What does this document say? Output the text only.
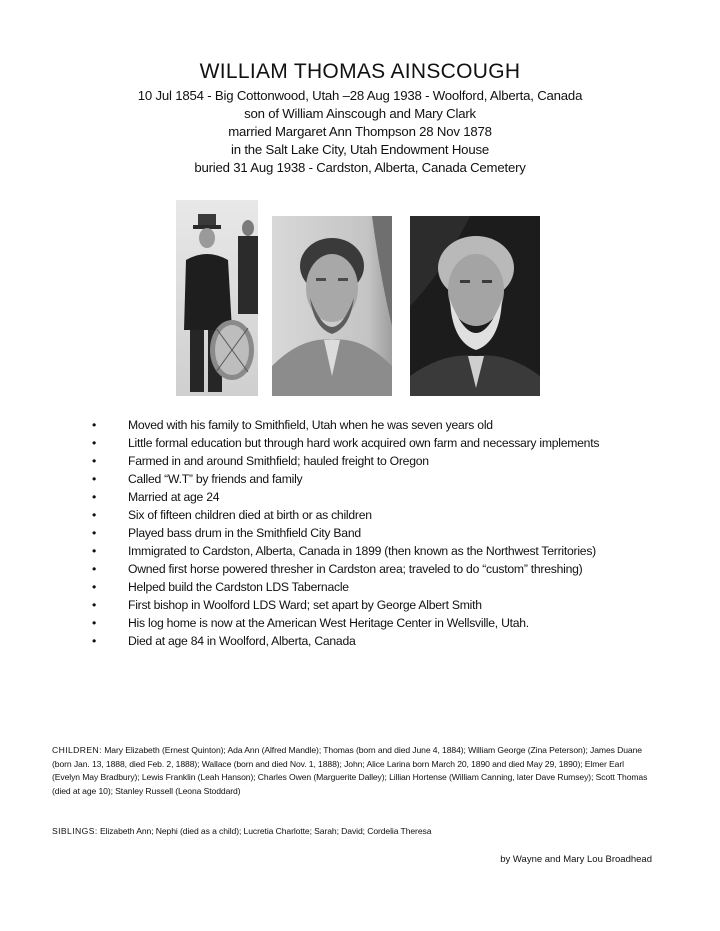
WILLIAM THOMAS AINSCOUGH
10 Jul 1854 - Big Cottonwood, Utah –28 Aug 1938 - Woolford, Alberta, Canada
son of William Ainscough and Mary Clark
married Margaret Ann Thompson 28 Nov 1878
in the Salt Lake City, Utah Endowment House
buried 31 Aug 1938 - Cardston, Alberta, Canada Cemetery
•	Moved with his family to Smithfield, Utah when he was seven years old
•	Little formal education but through hard work acquired own farm and necessary implements
•	Farmed in and around Smithfield; hauled freight to Oregon
•	Called “W.T” by friends and family
•	Married at age 24
•	Six of fifteen children died at birth or as children
•	Played bass drum in the Smithfield City Band
•	Immigrated to Cardston, Alberta, Canada in 1899 (then known as the Northwest Territories)
•	Owned first horse powered thresher in Cardston area; traveled to do “custom” threshing)
•	Helped build the Cardston LDS Tabernacle
•	First bishop in Woolford LDS Ward; set apart by George Albert Smith
•	His log home is now at the American West Heritage Center in Wellsville, Utah.
•	Died at age 84 in Woolford, Alberta, Canada
CHILDREN: Mary Elizabeth (Ernest Quinton); Ada Ann (Alfred Mandle); Thomas (born and died June 4, 1884); William George (Zina Peterson); James Duane (born Jan. 13, 1888, died Feb. 2, 1888); Wallace (born and died Nov. 1, 1888); John; Alice Larina born March 20, 1890 and died May 29, 1890); Elmer Earl (Evelyn May Bradbury); Lewis Franklin (Leah Hanson); Charles Owen (Marguerite Dalley); Lillian Hortense (William Canning, later Dave Rumsey); Scott Thomas (died at age 10); Stanley Russell (Leona Stoddard)
SIBLINGS: Elizabeth Ann; Nephi (died as a child); Lucretia Charlotte; Sarah; David; Cordelia Theresa
by Wayne and Mary Lou Broadhead
